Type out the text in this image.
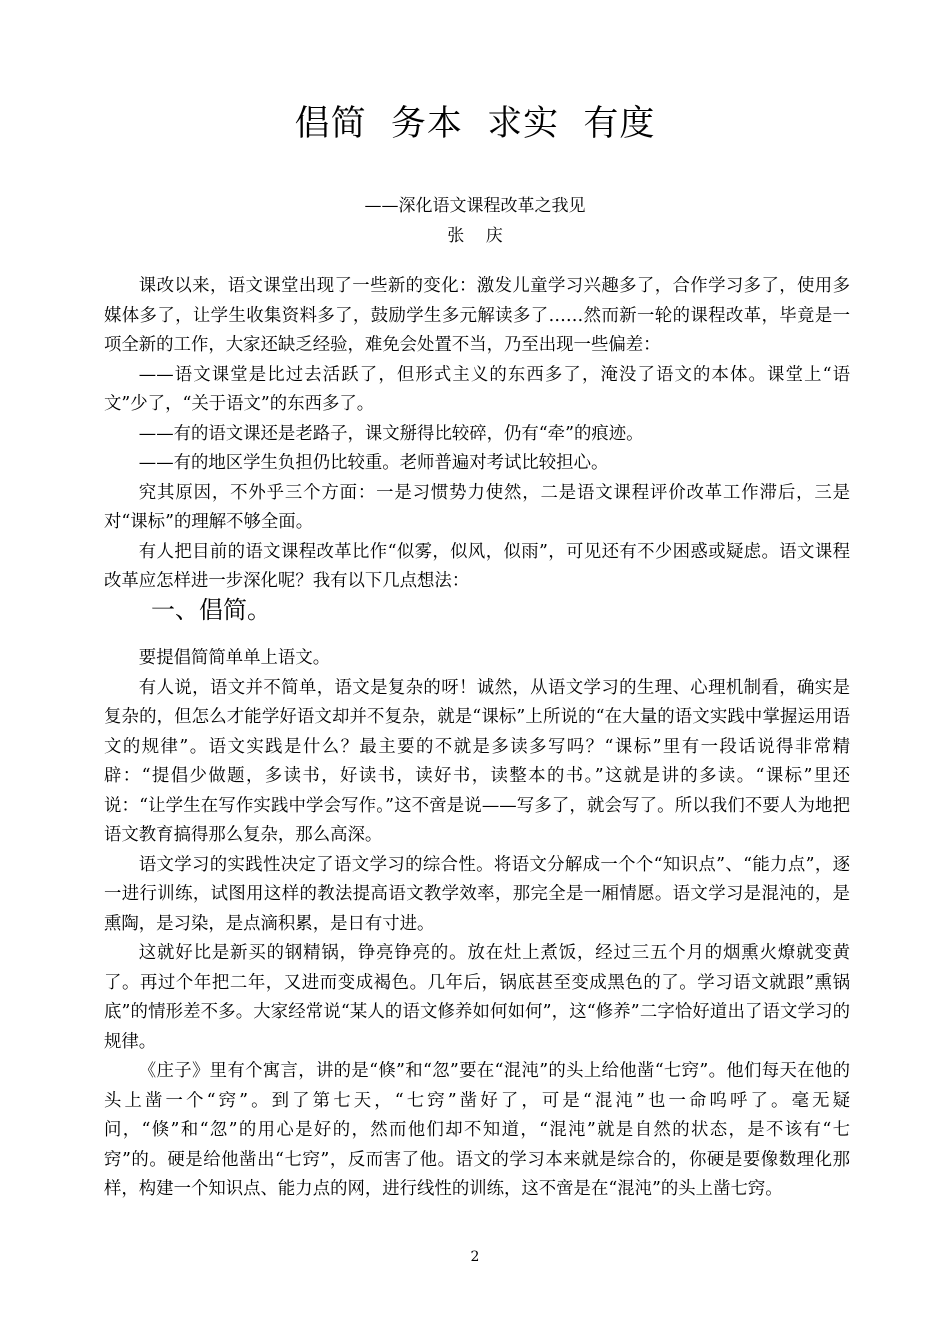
倡简  务本  求实  有度
——深化语文课程改革之我见
张    庆

课改以来，语文课堂出现了一些新的变化：激发儿童学习兴趣多了，合作学习多了，使用多媒体多了，让学生收集资料多了，鼓励学生多元解读多了……然而新一轮的课程改革，毕竟是一项全新的工作，大家还缺乏经验，难免会处置不当，乃至出现一些偏差：

——语文课堂是比过去活跃了，但形式主义的东西多了，淹没了语文的本体。课堂上“语文”少了，“关于语文”的东西多了。

——有的语文课还是老路子，课文掰得比较碎，仍有“牵”的痕迹。

——有的地区学生负担仍比较重。老师普遍对考试比较担心。

究其原因，不外乎三个方面：一是习惯势力使然，二是语文课程评价改革工作滞后，三是对“课标”的理解不够全面。

有人把目前的语文课程改革比作“似雾，似风，似雨”，可见还有不少困惑或疑虑。语文课程改革应怎样进一步深化呢？我有以下几点想法：

一、倡简。

要提倡简简单单上语文。

有人说，语文并不简单，语文是复杂的呀！诚然，从语文学习的生理、心理机制看，确实是复杂的，但怎么才能学好语文却并不复杂，就是“课标”上所说的“在大量的语文实践中掌握运用语文的规律”。语文实践是什么？最主要的不就是多读多写吗？“课标”里有一段话说得非常精辟：“提倡少做题，多读书，好读书，读好书，读整本的书。”这就是讲的多读。“课标”里还说：“让学生在写作实践中学会写作。”这不啻是说——写多了，就会写了。所以我们不要人为地把语文教育搞得那么复杂，那么高深。

语文学习的实践性决定了语文学习的综合性。将语文分解成一个个“知识点”、“能力点”，逐一进行训练，试图用这样的教法提高语文教学效率，那完全是一厢情愿。语文学习是混沌的，是熏陶，是习染，是点滴积累，是日有寸进。

这就好比是新买的钢精锅，铮亮铮亮的。放在灶上煮饭，经过三五个月的烟熏火燎就变黄了。再过个年把二年，又进而变成褐色。几年后，锅底甚至变成黑色的了。学习语文就跟”熏锅底”的情形差不多。大家经常说“某人的语文修养如何如何”，这“修养”二字恰好道出了语文学习的规律。

《庄子》里有个寓言，讲的是“倏”和“忽”要在“混沌”的头上给他凿“七窍”。他们每天在他的头上凿一个“窍”。到了第七天，“七窍”凿好了，可是“混沌”也一命呜呼了。毫无疑问，“倏”和“忽”的用心是好的，然而他们却不知道，“混沌”就是自然的状态，是不该有“七窍”的。硬是给他凿出“七窍”，反而害了他。语文的学习本来就是综合的，你硬是要像数理化那样，构建一个知识点、能力点的网，进行线性的训练，这不啻是在“混沌”的头上凿七窍。

2
